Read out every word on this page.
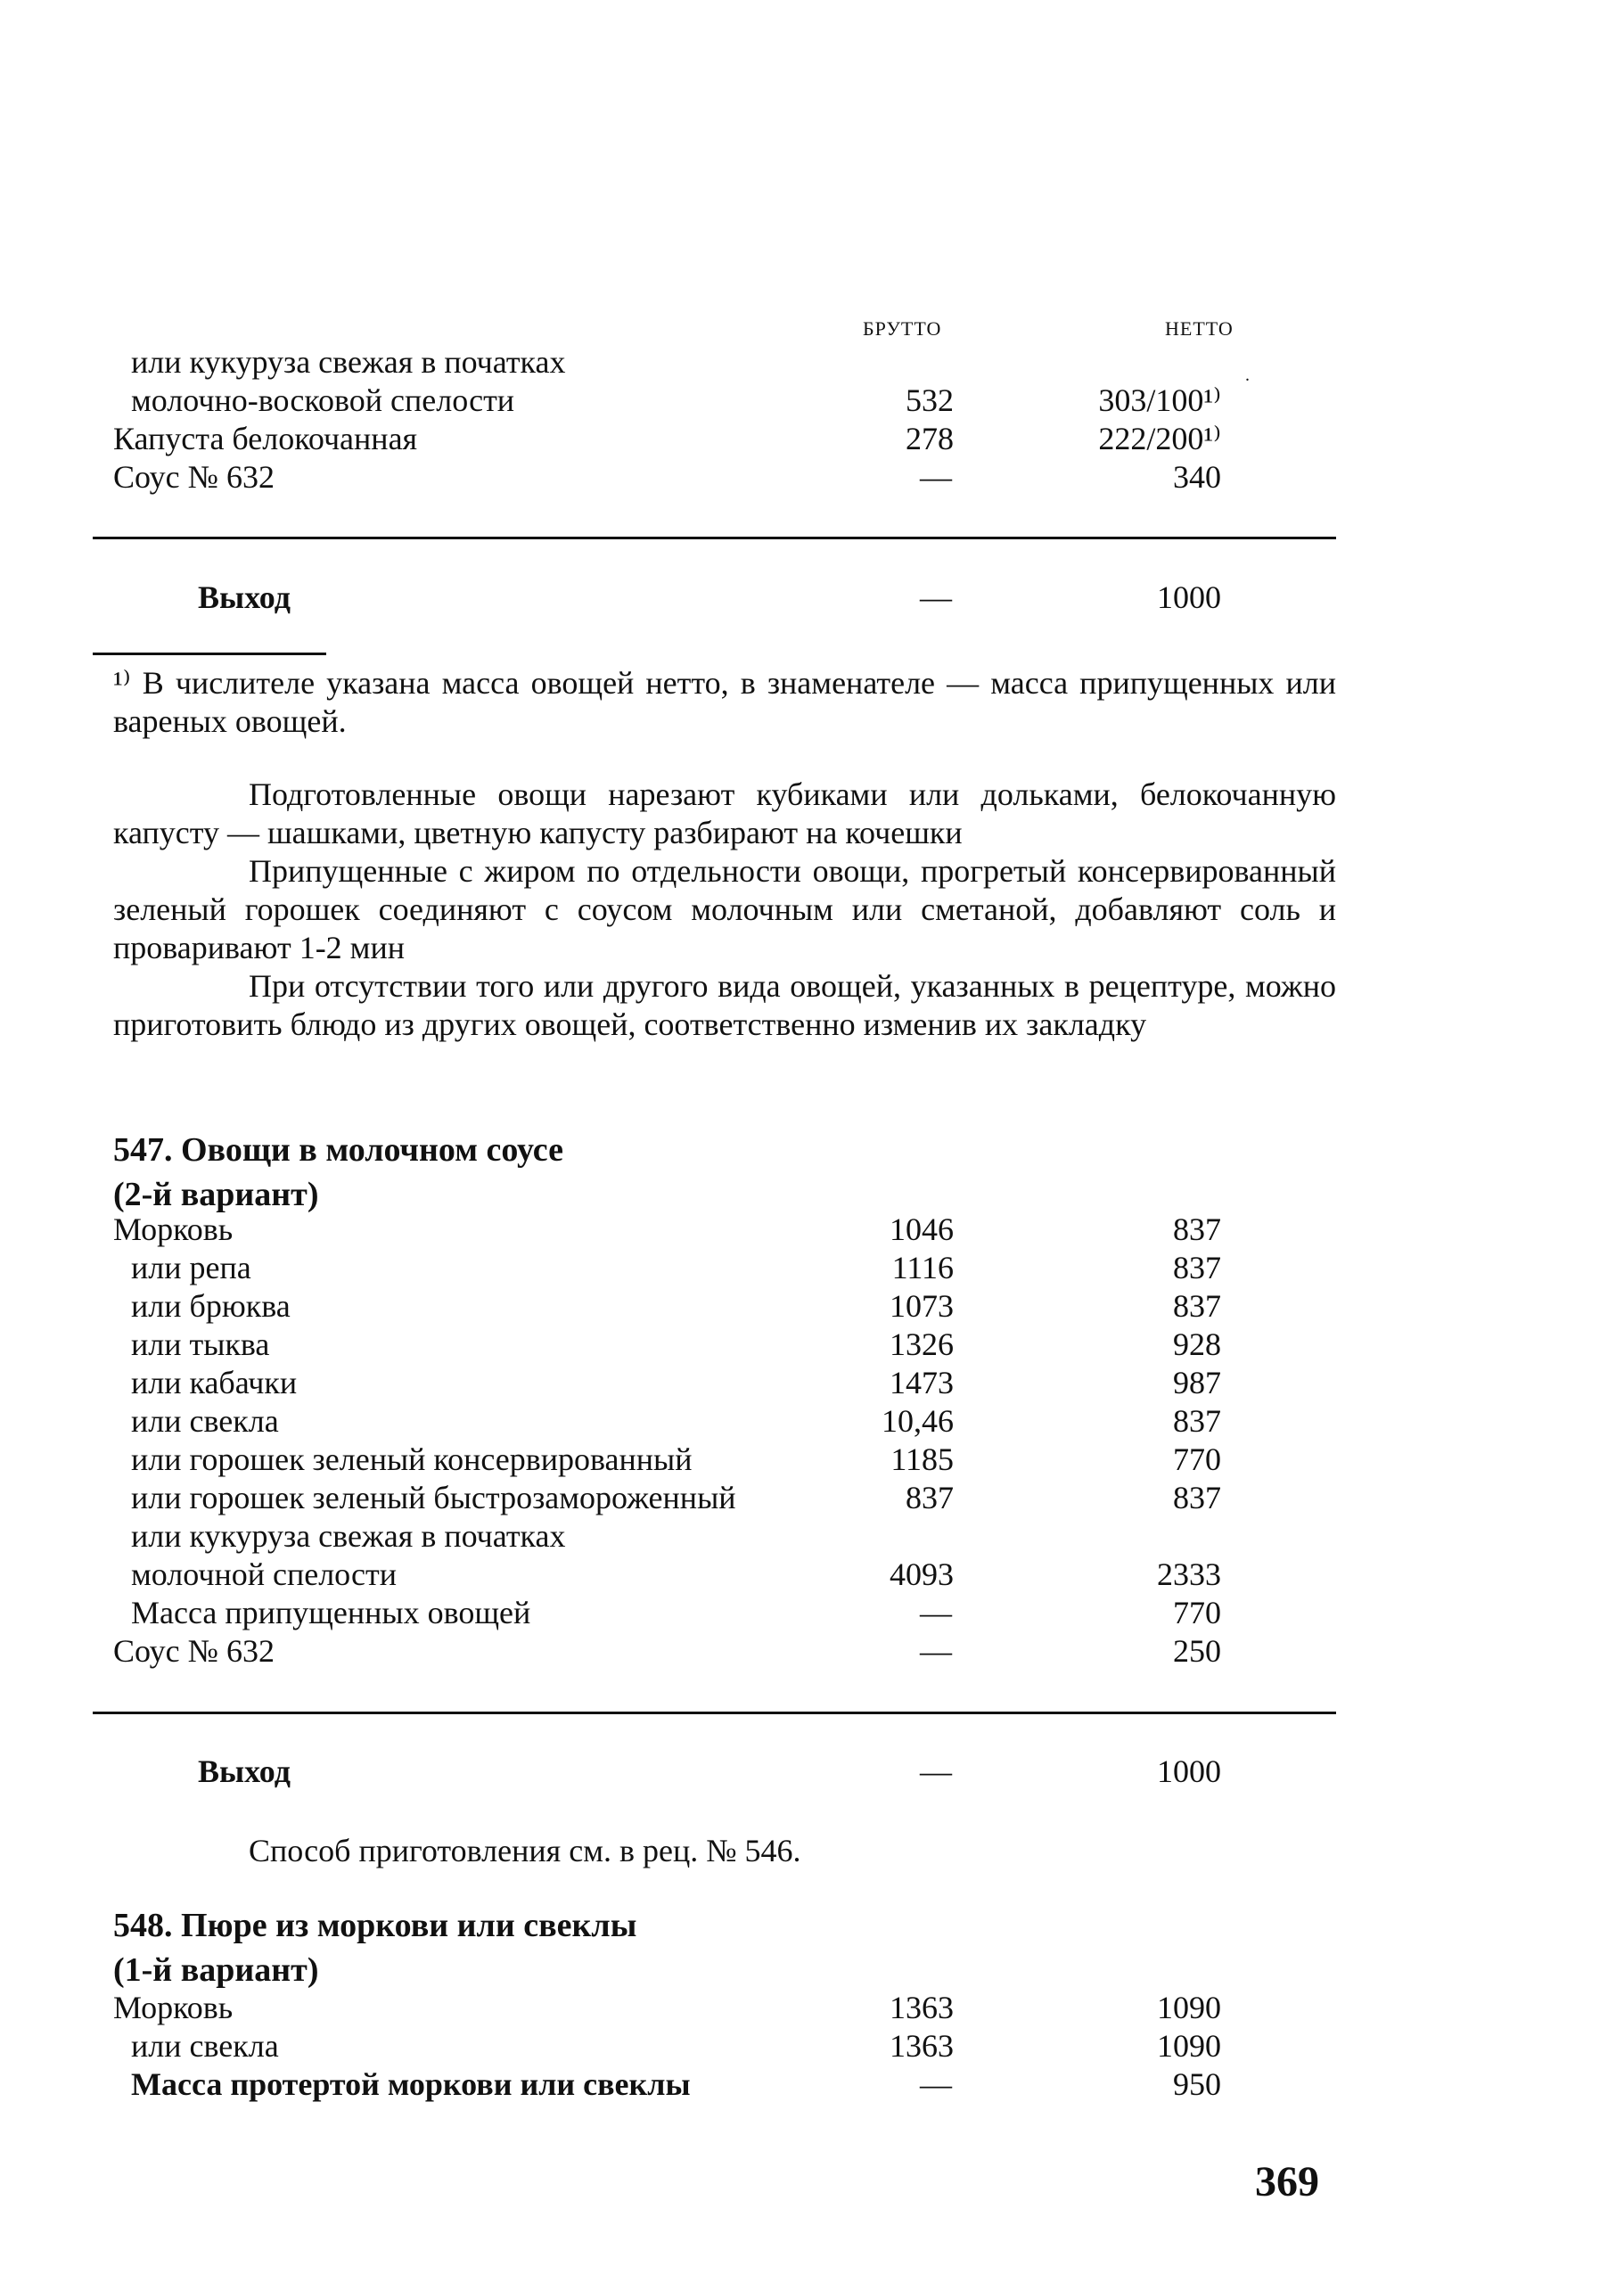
БРУТТО	НЕТТО
.
или кукуруза свежая в початках
молочно-восковой спелости	532	303/100¹⁾
Капуста белокочанная	278	222/200¹⁾
Соус № 632	—	340
Выход	—	1000
¹⁾ В числителе указана масса овощей нетто, в знаменателе — масса припущенных или вареных овощей.
Подготовленные овощи нарезают кубиками или дольками, белокочанную капусту — шашками, цветную капусту разбирают на кочешки
Припущенные с жиром по отдельности овощи, прогретый консервированный зеленый горошек соединяют с соусом молочным или сметаной, добавляют соль и проваривают 1-2 мин
При отсутствии того или другого вида овощей, указанных в рецептуре, можно приготовить блюдо из других овощей, соответственно изменив их закладку
547. Овощи в молочном соусе
(2-й вариант)
Морковь	1046	837
или репа	1116	837
или брюква	1073	837
или тыква	1326	928
или кабачки	1473	987
или свекла	10,46	837
или горошек зеленый консервированный	1185	770
или горошек зеленый быстрозамороженный	837	837
или кукуруза свежая в початках
молочной спелости	4093	2333
Масса припущенных овощей	—	770
Соус № 632	—	250
Выход	—	1000
Способ приготовления см. в рец. № 546.
548. Пюре из моркови или свеклы
(1-й вариант)
Морковь	1363	1090
или свекла	1363	1090
Масса протертой моркови или свеклы	—	950
369
